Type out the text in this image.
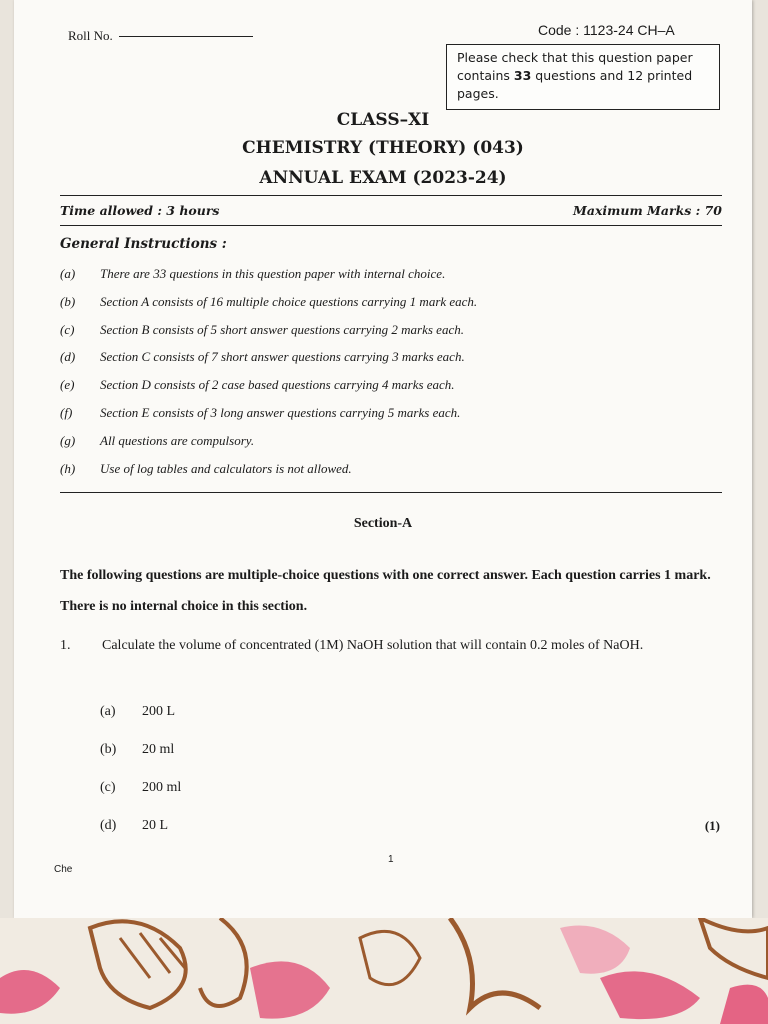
Roll No.	Code : 1123-24 CH–A
Please check that this question paper contains 33 questions and 12 printed pages.
CLASS–XI
CHEMISTRY (THEORY) (043)
ANNUAL EXAM (2023-24)
Time allowed : 3 hours	Maximum Marks : 70
General Instructions :
(a)	There are 33 questions in this question paper with internal choice.
(b)	Section A consists of 16 multiple choice questions carrying 1 mark each.
(c)	Section B consists of 5 short answer questions carrying 2 marks each.
(d)	Section C consists of 7 short answer questions carrying 3 marks each.
(e)	Section D consists of 2 case based questions carrying 4 marks each.
(f)	Section E consists of 3 long answer questions carrying 5 marks each.
(g)	All questions are compulsory.
(h)	Use of log tables and calculators is not allowed.
Section-A
The following questions are multiple-choice questions with one correct answer. Each question carries 1 mark. There is no internal choice in this section.
1.	Calculate the volume of concentrated (1M) NaOH solution that will contain 0.2 moles of NaOH.
(a)	200 L
(b)	20 ml
(c)	200 ml
(d)	20 L	(1)
1
Che
